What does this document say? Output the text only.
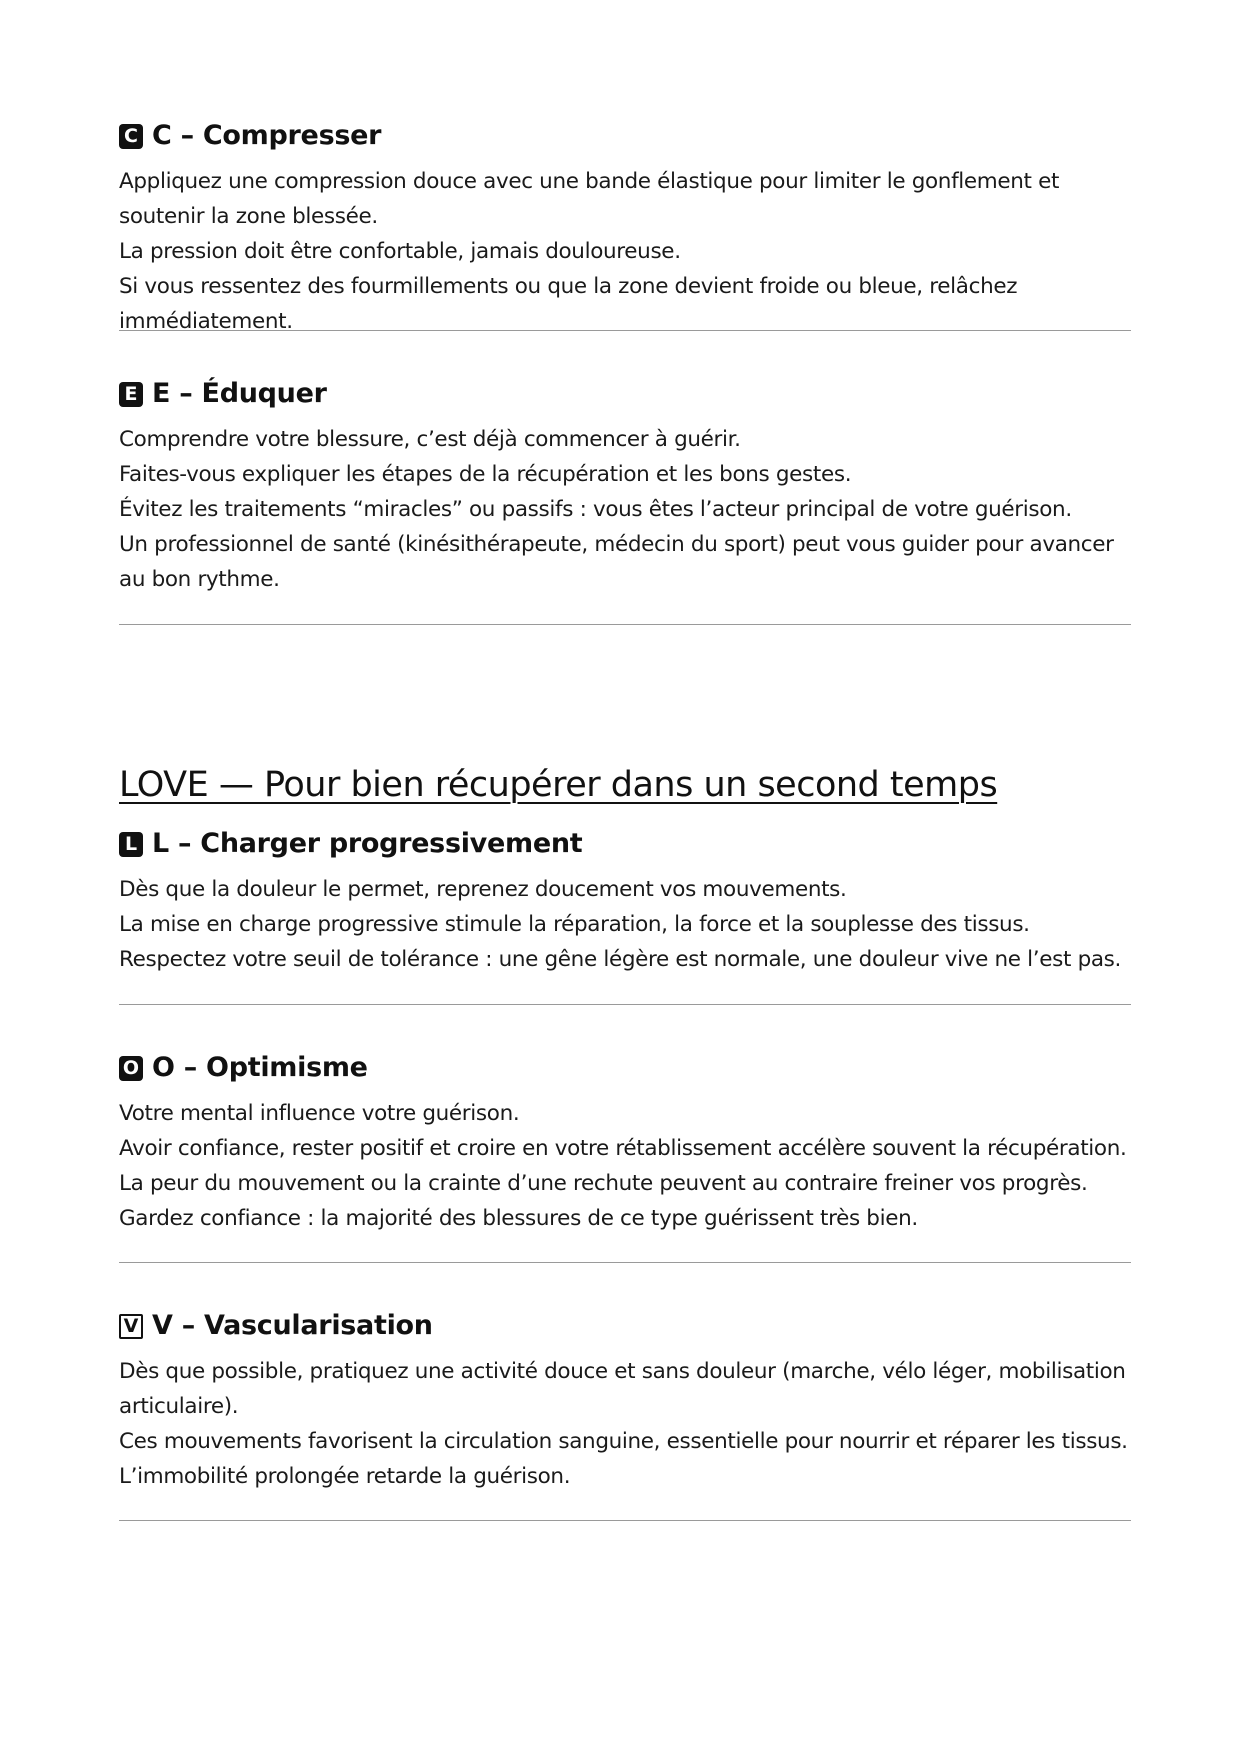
C C – Compresser

Appliquez une compression douce avec une bande élastique pour limiter le gonflement et soutenir la zone blessée.

La pression doit être confortable, jamais douloureuse.

Si vous ressentez des fourmillements ou que la zone devient froide ou bleue, relâchez immédiatement.

E E – Éduquer

Comprendre votre blessure, c’est déjà commencer à guérir.

Faites-vous expliquer les étapes de la récupération et les bons gestes.

Évitez les traitements “miracles” ou passifs : vous êtes l’acteur principal de votre guérison.

Un professionnel de santé (kinésithérapeute, médecin du sport) peut vous guider pour avancer au bon rythme.

LOVE — Pour bien récupérer dans un second temps
L L – Charger progressivement

Dès que la douleur le permet, reprenez doucement vos mouvements.

La mise en charge progressive stimule la réparation, la force et la souplesse des tissus.

Respectez votre seuil de tolérance : une gêne légère est normale, une douleur vive ne l’est pas.

O O – Optimisme

Votre mental influence votre guérison.

Avoir confiance, rester positif et croire en votre rétablissement accélère souvent la récupération.

La peur du mouvement ou la crainte d’une rechute peuvent au contraire freiner vos progrès.

Gardez confiance : la majorité des blessures de ce type guérissent très bien.

V V – Vascularisation

Dès que possible, pratiquez une activité douce et sans douleur (marche, vélo léger, mobilisation articulaire).

Ces mouvements favorisent la circulation sanguine, essentielle pour nourrir et réparer les tissus.

L’immobilité prolongée retarde la guérison.
